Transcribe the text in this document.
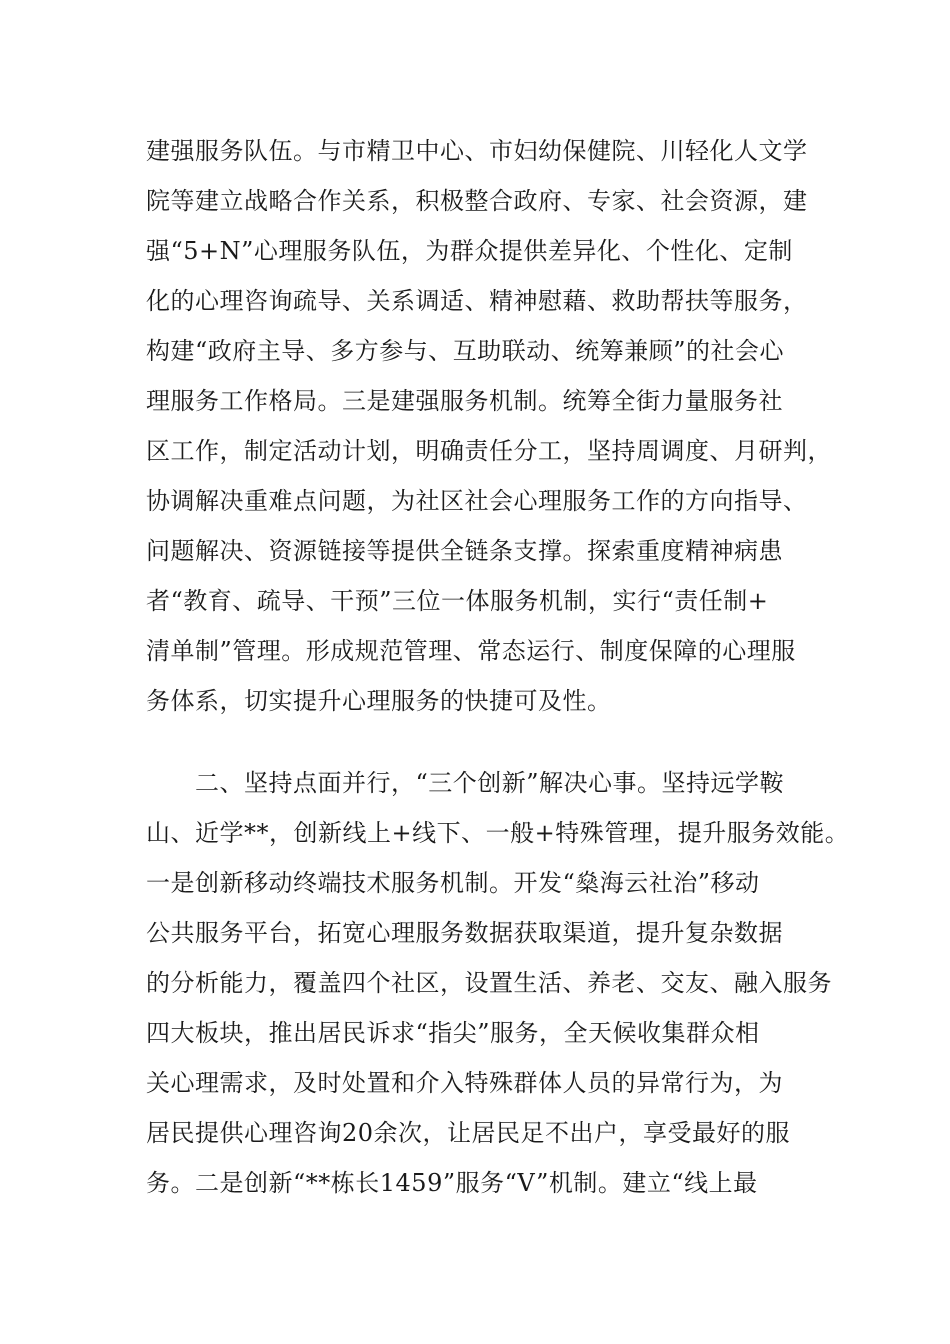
建强服务队伍。与市精卫中心、市妇幼保健院、川轻化人文学
院等建立战略合作关系，积极整合政府、专家、社会资源，建
强“5+N”心理服务队伍，为群众提供差异化、个性化、定制
化的心理咨询疏导、关系调适、精神慰藉、救助帮扶等服务，
构建“政府主导、多方参与、互助联动、统筹兼顾”的社会心
理服务工作格局。三是建强服务机制。统筹全街力量服务社
区工作，制定活动计划，明确责任分工，坚持周调度、月研判，
协调解决重难点问题，为社区社会心理服务工作的方向指导、
问题解决、资源链接等提供全链条支撑。探索重度精神病患
者“教育、疏导、干预”三位一体服务机制，实行“责任制+
清单制”管理。形成规范管理、常态运行、制度保障的心理服
务体系，切实提升心理服务的快捷可及性。
　　二、坚持点面并行，“三个创新”解决心事。坚持远学鞍
山、近学**，创新线上+线下、一般+特殊管理，提升服务效能。
一是创新移动终端技术服务机制。开发“燊海云社治”移动
公共服务平台，拓宽心理服务数据获取渠道，提升复杂数据
的分析能力，覆盖四个社区，设置生活、养老、交友、融入服务
四大板块，推出居民诉求“指尖”服务，全天候收集群众相
关心理需求，及时处置和介入特殊群体人员的异常行为，为
居民提供心理咨询20余次，让居民足不出户，享受最好的服
务。二是创新“**栋长1459”服务“V”机制。建立“线上最
